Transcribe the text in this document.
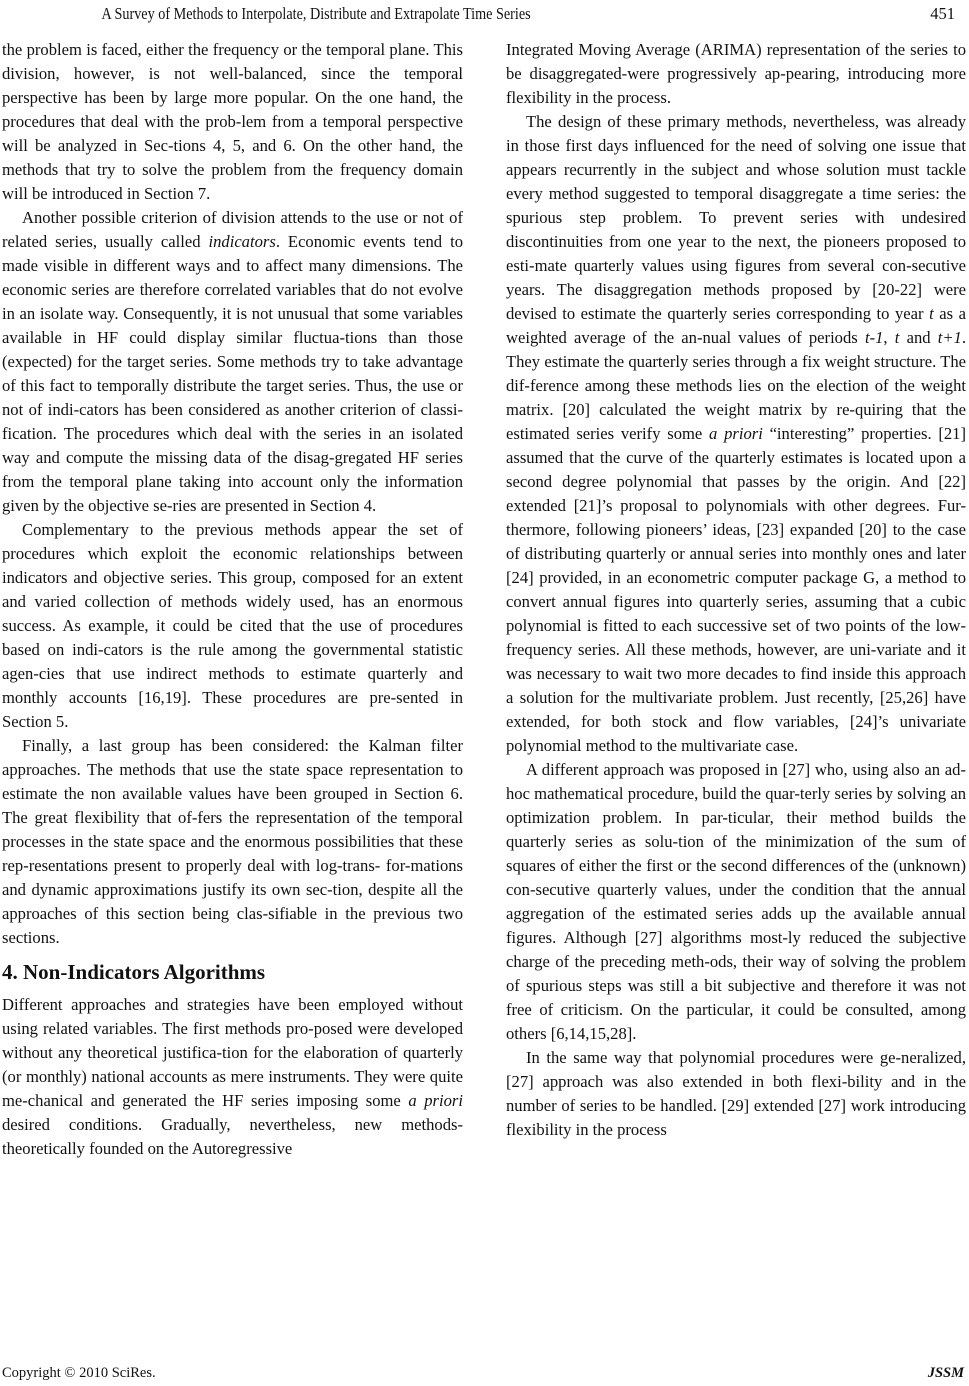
A Survey of Methods to Interpolate, Distribute and Extrapolate Time Series	451

the problem is faced, either the frequency or the temporal plane. This division, however, is not well-balanced, since the temporal perspective has been by large more popular. On the one hand, the procedures that deal with the prob-lem from a temporal perspective will be analyzed in Sec-tions 4, 5, and 6. On the other hand, the methods that try to solve the problem from the frequency domain will be introduced in Section 7.

Another possible criterion of division attends to the use or not of related series, usually called indicators. Economic events tend to made visible in different ways and to affect many dimensions. The economic series are therefore correlated variables that do not evolve in an isolate way. Consequently, it is not unusual that some variables available in HF could display similar fluctua-tions than those (expected) for the target series. Some methods try to take advantage of this fact to temporally distribute the target series. Thus, the use or not of indi-cators has been considered as another criterion of classi-fication. The procedures which deal with the series in an isolated way and compute the missing data of the disag-gregated HF series from the temporal plane taking into account only the information given by the objective se-ries are presented in Section 4.

Complementary to the previous methods appear the set of procedures which exploit the economic relationships between indicators and objective series. This group, composed for an extent and varied collection of methods widely used, has an enormous success. As example, it could be cited that the use of procedures based on indi-cators is the rule among the governmental statistic agen-cies that use indirect methods to estimate quarterly and monthly accounts [16,19]. These procedures are pre-sented in Section 5.

Finally, a last group has been considered: the Kalman filter approaches. The methods that use the state space representation to estimate the non available values have been grouped in Section 6. The great flexibility that of-fers the representation of the temporal processes in the state space and the enormous possibilities that these rep-resentations present to properly deal with log-trans- for-mations and dynamic approximations justify its own sec-tion, despite all the approaches of this section being clas-sifiable in the previous two sections.

4. Non-Indicators Algorithms

Different approaches and strategies have been employed without using related variables. The first methods pro-posed were developed without any theoretical justifica-tion for the elaboration of quarterly (or monthly) national accounts as mere instruments. They were quite me-chanical and generated the HF series imposing some a priori desired conditions. Gradually, nevertheless, new methods-theoretically founded on the Autoregressive

Integrated Moving Average (ARIMA) representation of the series to be disaggregated-were progressively ap-pearing, introducing more flexibility in the process.

The design of these primary methods, nevertheless, was already in those first days influenced for the need of solving one issue that appears recurrently in the subject and whose solution must tackle every method suggested to temporal disaggregate a time series: the spurious step problem. To prevent series with undesired discontinuities from one year to the next, the pioneers proposed to esti-mate quarterly values using figures from several con-secutive years. The disaggregation methods proposed by [20-22] were devised to estimate the quarterly series corresponding to year t as a weighted average of the an-nual values of periods t-1, t and t+1. They estimate the quarterly series through a fix weight structure. The dif-ference among these methods lies on the election of the weight matrix. [20] calculated the weight matrix by re-quiring that the estimated series verify some a priori “interesting” properties. [21] assumed that the curve of the quarterly estimates is located upon a second degree polynomial that passes by the origin. And [22] extended [21]’s proposal to polynomials with other degrees. Fur-thermore, following pioneers’ ideas, [23] expanded [20] to the case of distributing quarterly or annual series into monthly ones and later [24] provided, in an econometric computer package G, a method to convert annual figures into quarterly series, assuming that a cubic polynomial is fitted to each successive set of two points of the low-frequency series. All these methods, however, are uni-variate and it was necessary to wait two more decades to find inside this approach a solution for the multivariate problem. Just recently, [25,26] have extended, for both stock and flow variables, [24]’s univariate polynomial method to the multivariate case.

A different approach was proposed in [27] who, using also an ad-hoc mathematical procedure, build the quar-terly series by solving an optimization problem. In par-ticular, their method builds the quarterly series as solu-tion of the minimization of the sum of squares of either the first or the second differences of the (unknown) con-secutive quarterly values, under the condition that the annual aggregation of the estimated series adds up the available annual figures. Although [27] algorithms most-ly reduced the subjective charge of the preceding meth-ods, their way of solving the problem of spurious steps was still a bit subjective and therefore it was not free of criticism. On the particular, it could be consulted, among others [6,14,15,28].

In the same way that polynomial procedures were ge-neralized, [27] approach was also extended in both flexi-bility and in the number of series to be handled. [29] extended [27] work introducing flexibility in the process

Copyright © 2010 SciRes.	JSSM
